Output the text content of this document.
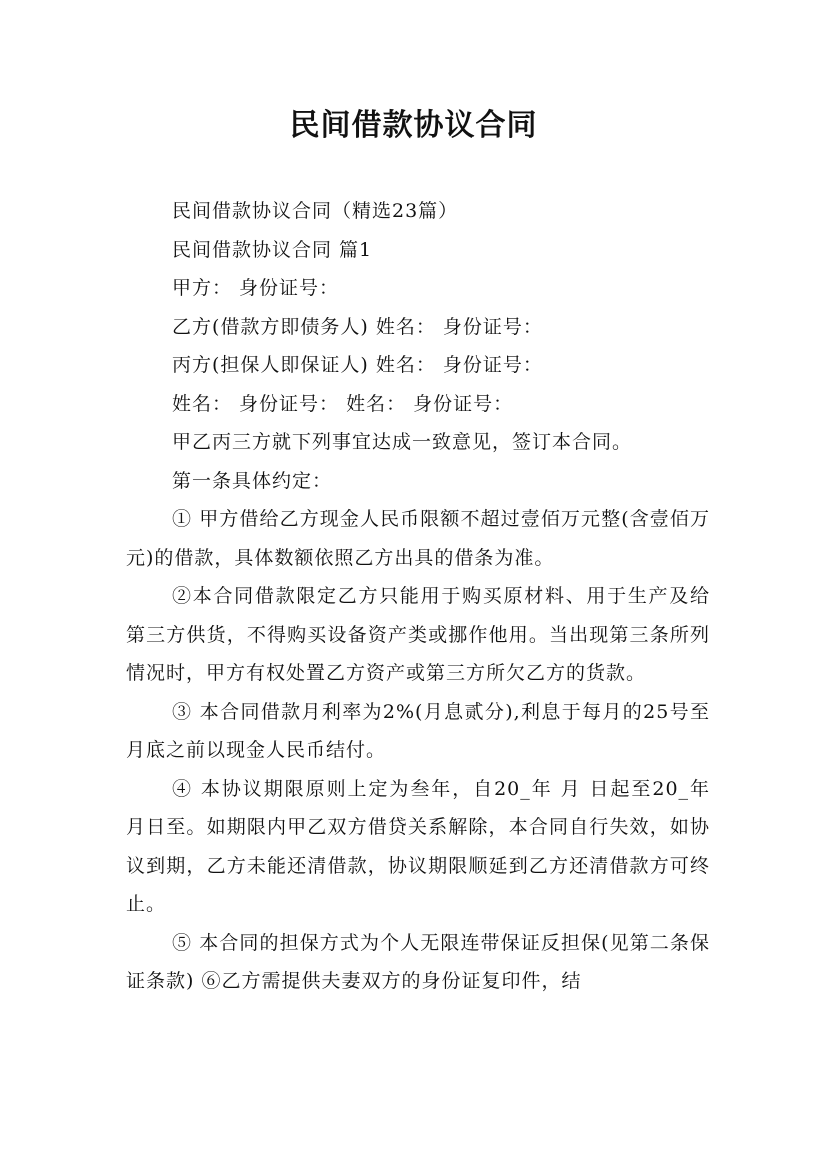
民间借款协议合同

民间借款协议合同（精选23篇）

民间借款协议合同 篇1

甲方： 身份证号：

乙方(借款方即债务人) 姓名： 身份证号：

丙方(担保人即保证人) 姓名： 身份证号：

姓名： 身份证号： 姓名： 身份证号：

甲乙丙三方就下列事宜达成一致意见，签订本合同。

第一条具体约定：

① 甲方借给乙方现金人民币限额不超过壹佰万元整(含壹佰万元)的借款，具体数额依照乙方出具的借条为准。

②本合同借款限定乙方只能用于购买原材料、用于生产及给第三方供货，不得购买设备资产类或挪作他用。当出现第三条所列情况时，甲方有权处置乙方资产或第三方所欠乙方的货款。

③ 本合同借款月利率为2%(月息贰分),利息于每月的25号至月底之前以现金人民币结付。

④ 本协议期限原则上定为叁年，自20_年 月 日起至20_年 月日至。如期限内甲乙双方借贷关系解除，本合同自行失效，如协议到期，乙方未能还清借款，协议期限顺延到乙方还清借款方可终止。

⑤ 本合同的担保方式为个人无限连带保证反担保(见第二条保证条款) ⑥乙方需提供夫妻双方的身份证复印件，结
